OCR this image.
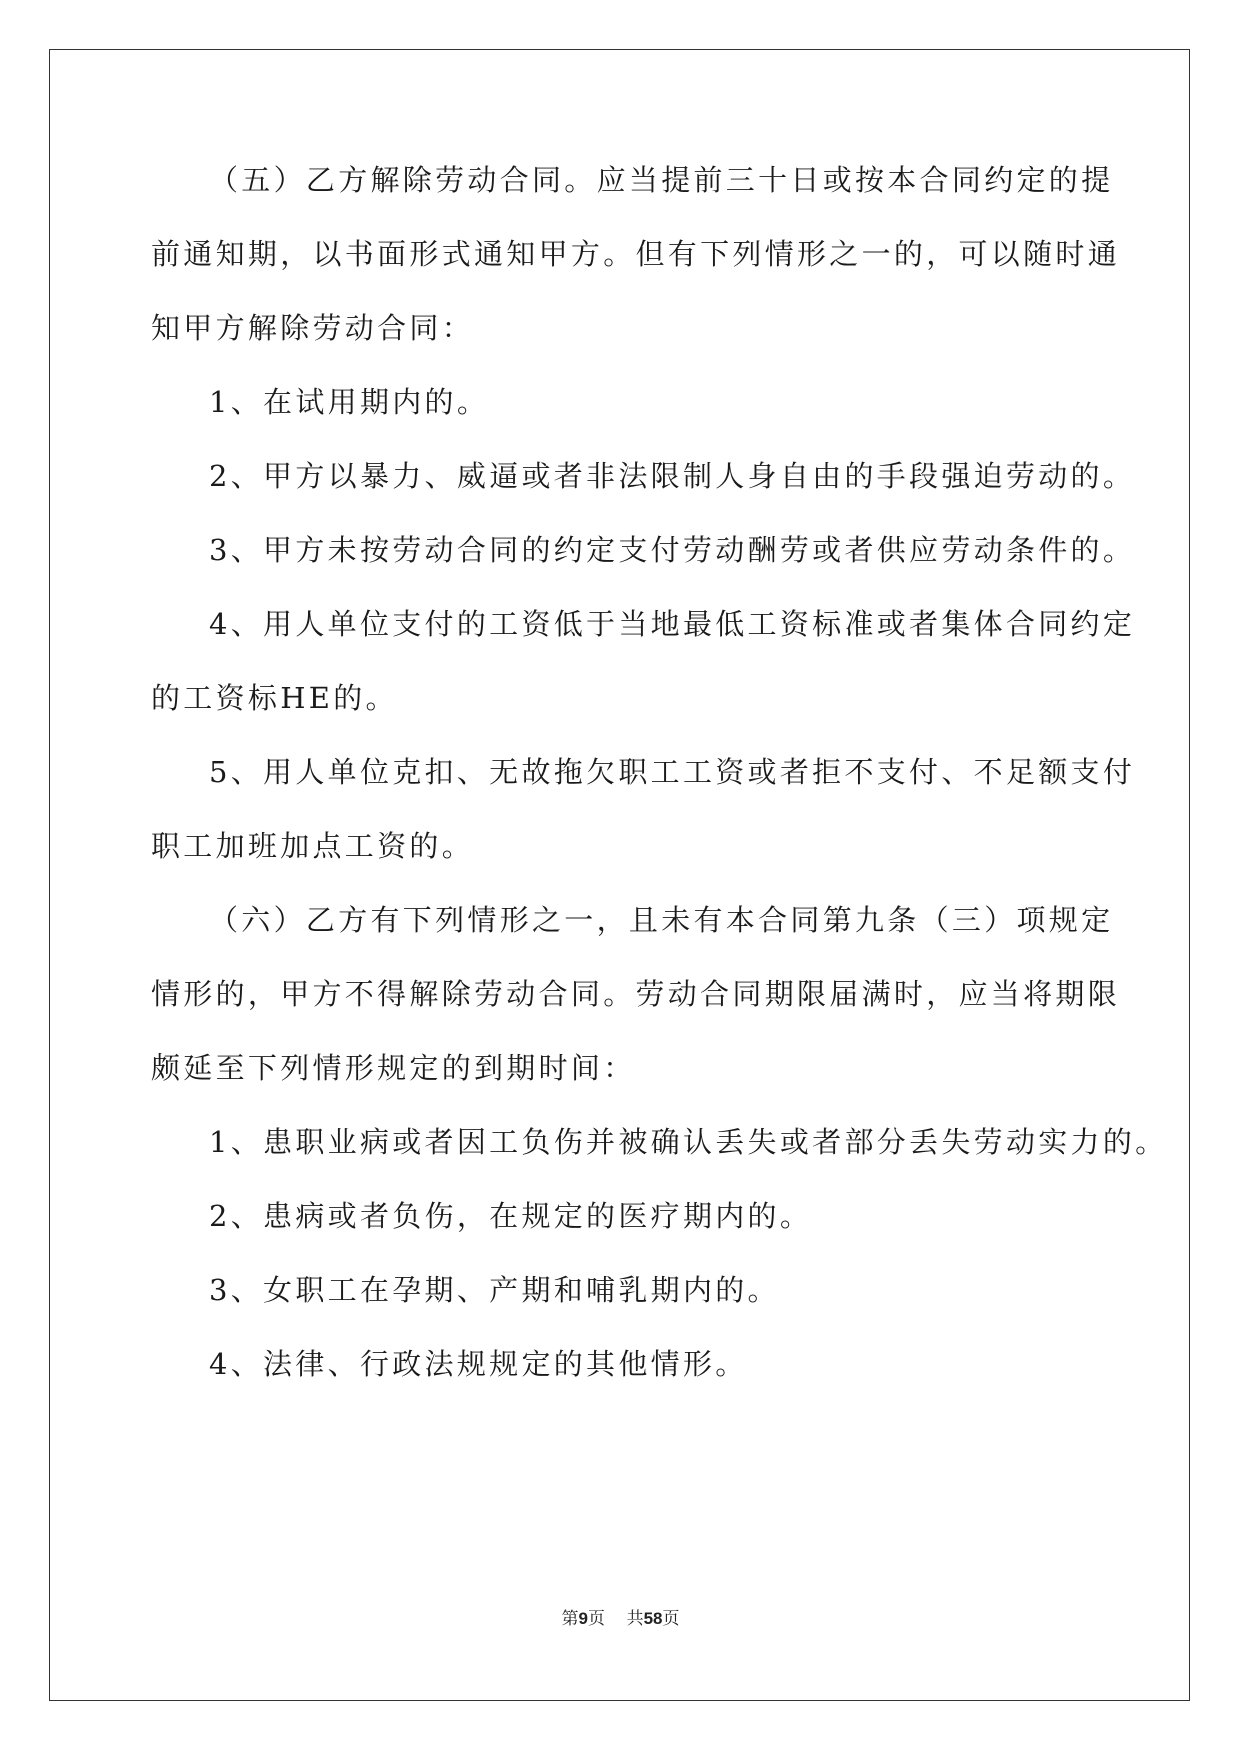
（五）乙方解除劳动合同。应当提前三十日或按本合同约定的提
前通知期，以书面形式通知甲方。但有下列情形之一的，可以随时通
知甲方解除劳动合同：
1、在试用期内的。
2、甲方以暴力、威逼或者非法限制人身自由的手段强迫劳动的。
3、甲方未按劳动合同的约定支付劳动酬劳或者供应劳动条件的。
4、用人单位支付的工资低于当地最低工资标准或者集体合同约定
的工资标HE的。
5、用人单位克扣、无故拖欠职工工资或者拒不支付、不足额支付
职工加班加点工资的。
（六）乙方有下列情形之一，且未有本合同第九条（三）项规定
情形的，甲方不得解除劳动合同。劳动合同期限届满时，应当将期限
颇延至下列情形规定的到期时间：
1、患职业病或者因工负伤并被确认丢失或者部分丢失劳动实力的。
2、患病或者负伤，在规定的医疗期内的。
3、女职工在孕期、产期和哺乳期内的。
4、法律、行政法规规定的其他情形。
第9页 共58页
